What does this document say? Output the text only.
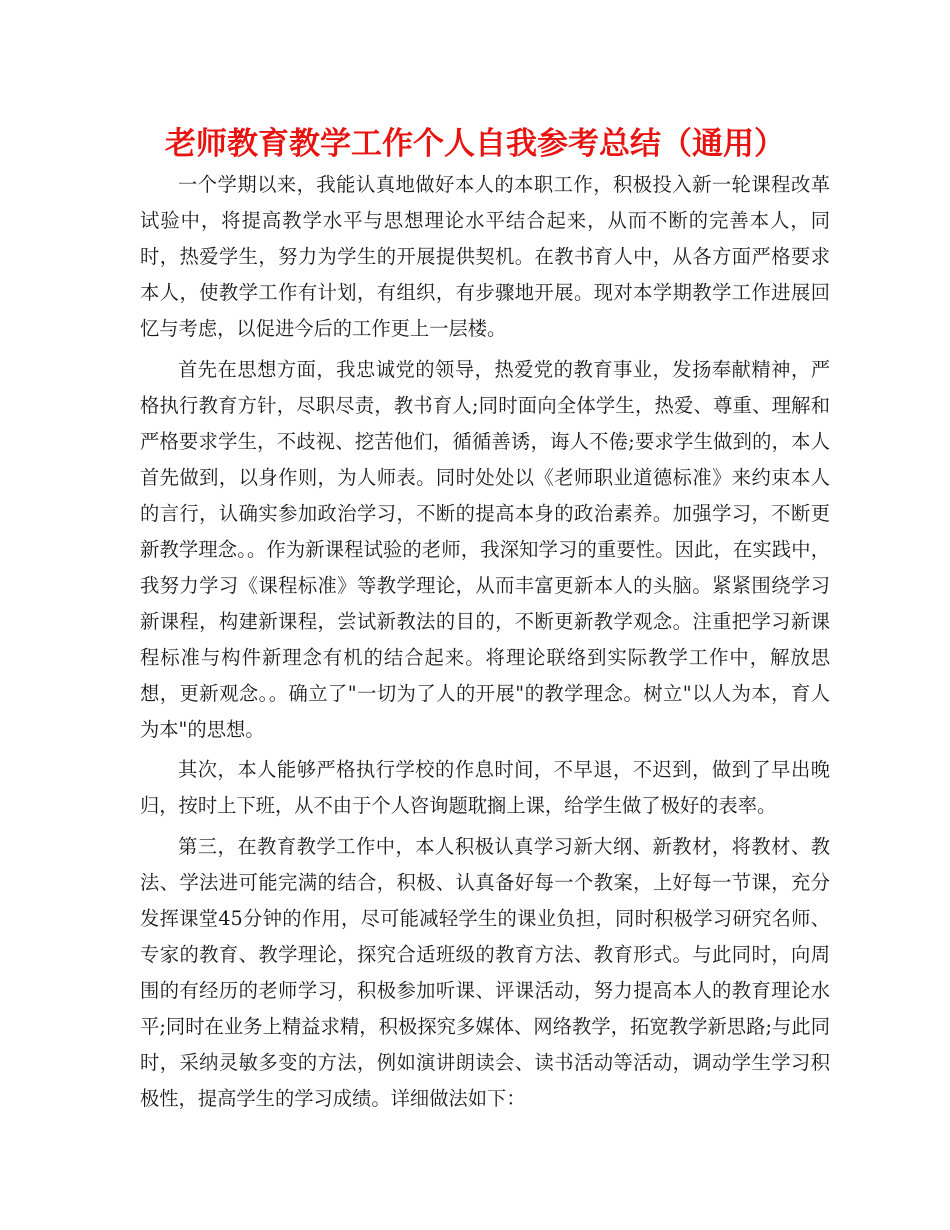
老师教育教学工作个人自我参考总结（通用）

一个学期以来，我能认真地做好本人的本职工作，积极投入新一轮课程改革试验中，将提高教学水平与思想理论水平结合起来，从而不断的完善本人，同时，热爱学生，努力为学生的开展提供契机。在教书育人中，从各方面严格要求本人，使教学工作有计划，有组织，有步骤地开展。现对本学期教学工作进展回忆与考虑，以促进今后的工作更上一层楼。

首先在思想方面，我忠诚党的领导，热爱党的教育事业，发扬奉献精神，严格执行教育方针，尽职尽责，教书育人;同时面向全体学生，热爱、尊重、理解和严格要求学生，不歧视、挖苦他们，循循善诱，诲人不倦;要求学生做到的，本人首先做到，以身作则，为人师表。同时处处以《老师职业道德标准》来约束本人的言行，认确实参加政治学习，不断的提高本身的政治素养。加强学习，不断更新教学理念。。作为新课程试验的老师，我深知学习的重要性。因此，在实践中，我努力学习《课程标准》等教学理论，从而丰富更新本人的头脑。紧紧围绕学习新课程，构建新课程，尝试新教法的目的，不断更新教学观念。注重把学习新课程标准与构件新理念有机的结合起来。将理论联络到实际教学工作中，解放思想，更新观念。。确立了"一切为了人的开展"的教学理念。树立"以人为本，育人为本"的思想。

其次，本人能够严格执行学校的作息时间，不早退，不迟到，做到了早出晚归，按时上下班，从不由于个人咨询题耽搁上课，给学生做了极好的表率。

第三，在教育教学工作中，本人积极认真学习新大纲、新教材，将教材、教法、学法进可能完满的结合，积极、认真备好每一个教案，上好每一节课，充分发挥课堂45分钟的作用，尽可能减轻学生的课业负担，同时积极学习研究名师、专家的教育、教学理论，探究合适班级的教育方法、教育形式。与此同时，向周围的有经历的老师学习，积极参加听课、评课活动，努力提高本人的教育理论水平;同时在业务上精益求精，积极探究多媒体、网络教学，拓宽教学新思路;与此同时，采纳灵敏多变的方法，例如演讲朗读会、读书活动等活动，调动学生学习积极性，提高学生的学习成绩。详细做法如下：
